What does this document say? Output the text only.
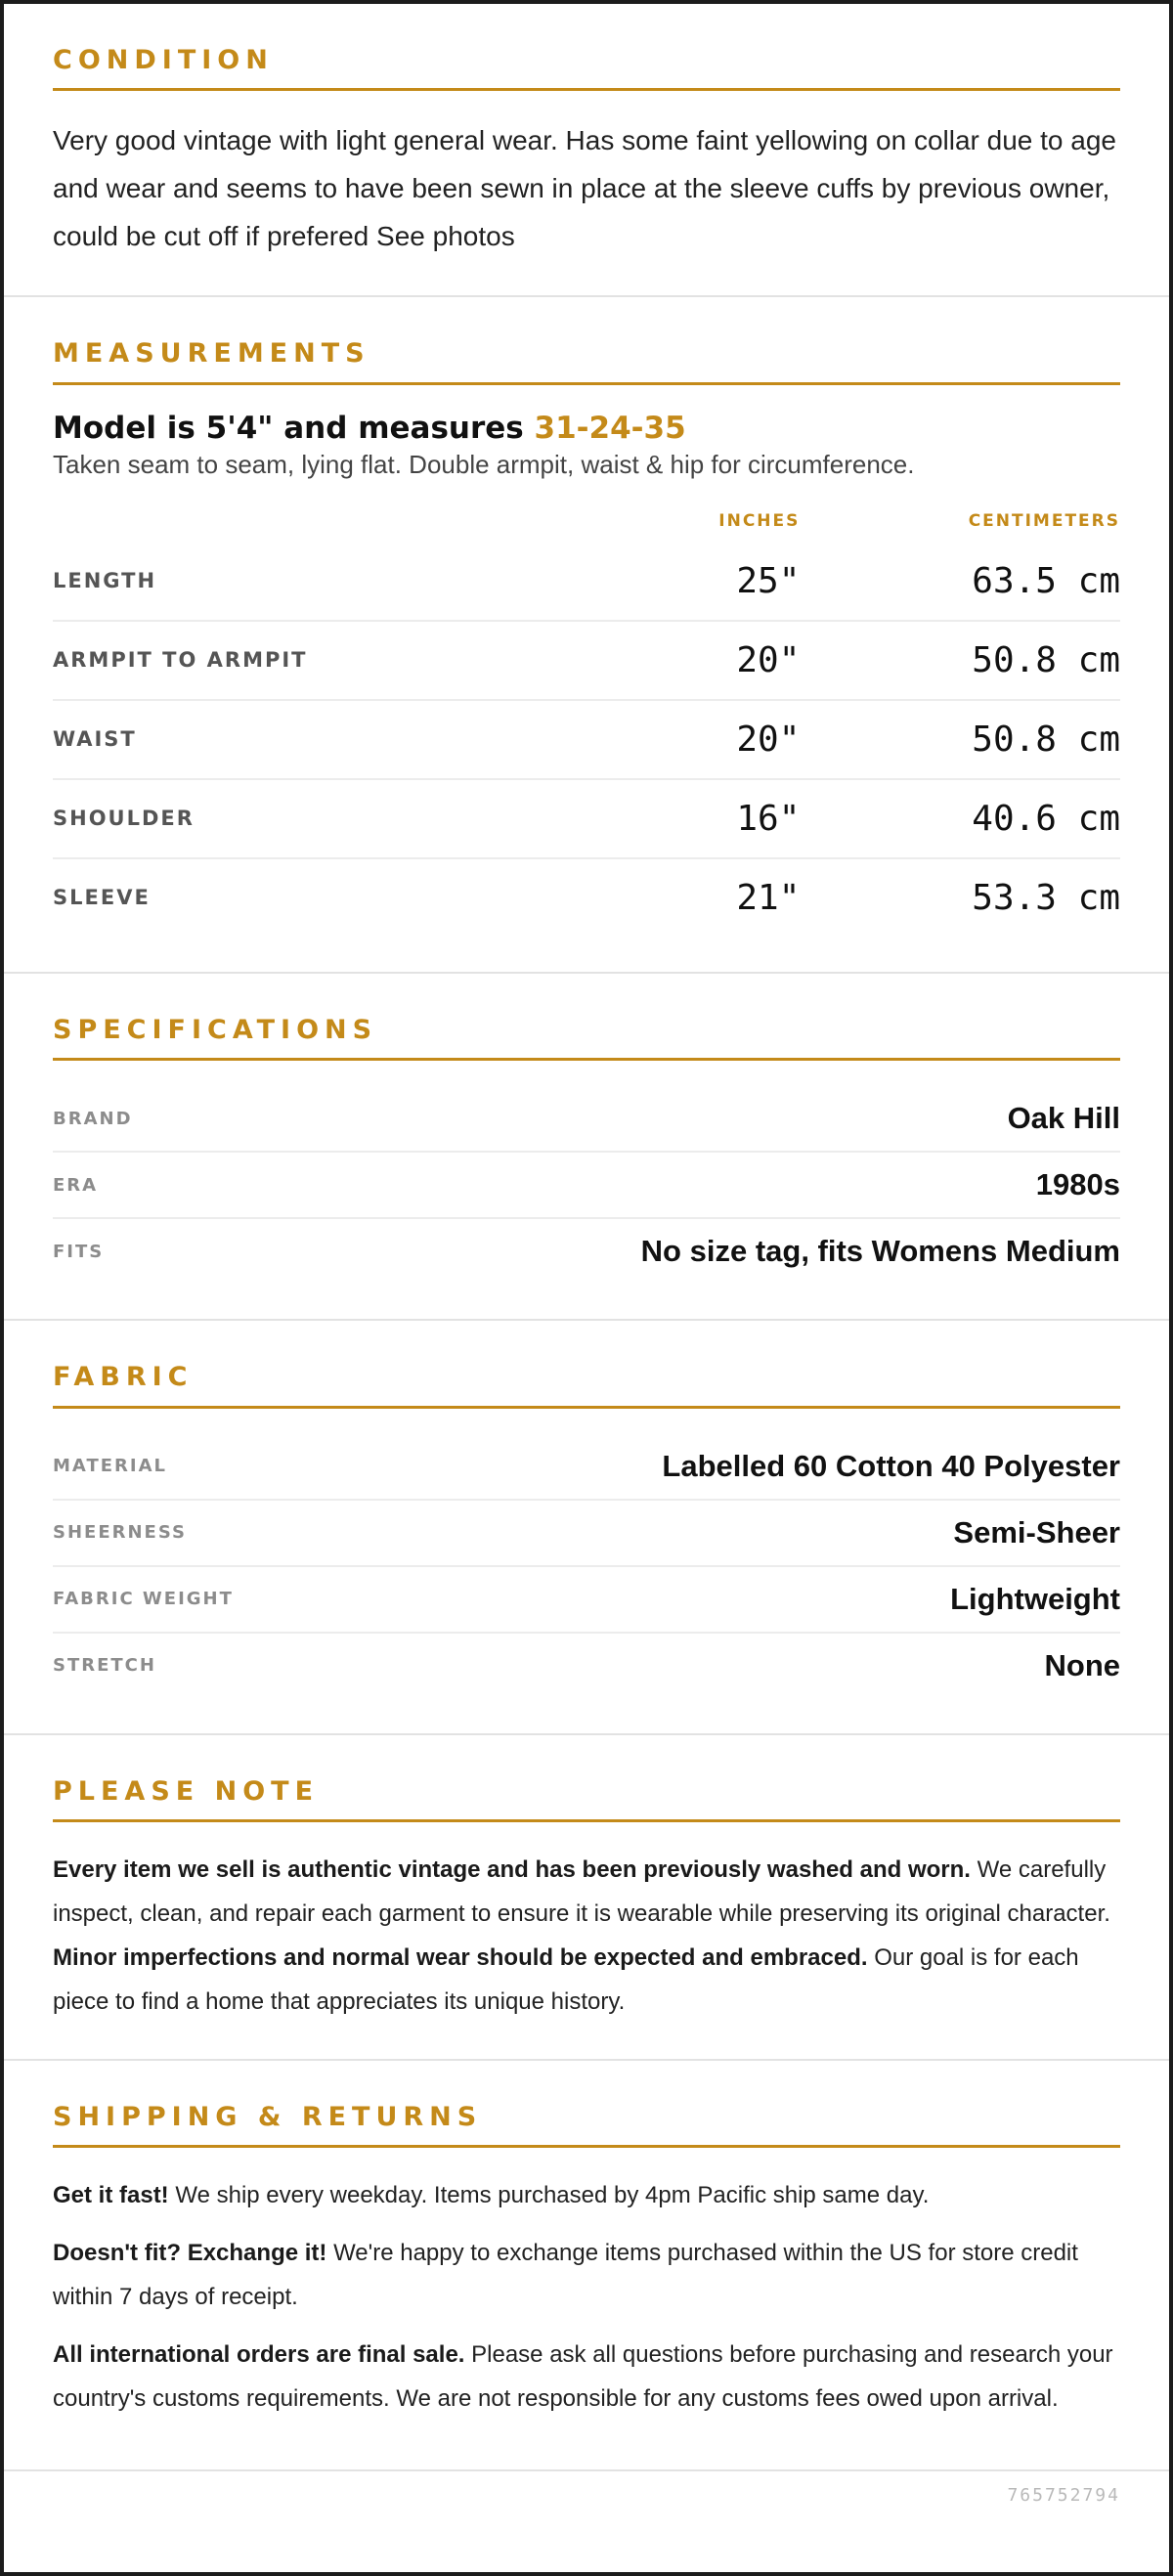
CONDITION

Very good vintage with light general wear. Has some faint yellowing on collar due to age and wear and seems to have been sewn in place at the sleeve cuffs by previous owner, could be cut off if prefered See photos

MEASUREMENTS
Model is 5'4" and measures 31-24-35

Taken seam to seam, lying flat. Double armpit, waist & hip for circumference.

	INCHES	CENTIMETERS
LENGTH	25"	63.5 cm
ARMPIT TO ARMPIT	20"	50.8 cm
WAIST	20"	50.8 cm
SHOULDER	16"	40.6 cm
SLEEVE	21"	53.3 cm
SPECIFICATIONS
BRAND	Oak Hill
ERA	1980s
FITS	No size tag, fits Womens Medium
FABRIC
MATERIAL	Labelled 60 Cotton 40 Polyester
SHEERNESS	Semi-Sheer
FABRIC WEIGHT	Lightweight
STRETCH	None
PLEASE NOTE

Every item we sell is authentic vintage and has been previously washed and worn. We carefully inspect, clean, and repair each garment to ensure it is wearable while preserving its original character. Minor imperfections and normal wear should be expected and embraced. Our goal is for each piece to find a home that appreciates its unique history.

SHIPPING & RETURNS

Get it fast! We ship every weekday. Items purchased by 4pm Pacific ship same day.

Doesn't fit? Exchange it! We're happy to exchange items purchased within the US for store credit within 7 days of receipt.

All international orders are final sale. Please ask all questions before purchasing and research your country's customs requirements. We are not responsible for any customs fees owed upon arrival.

765752794
